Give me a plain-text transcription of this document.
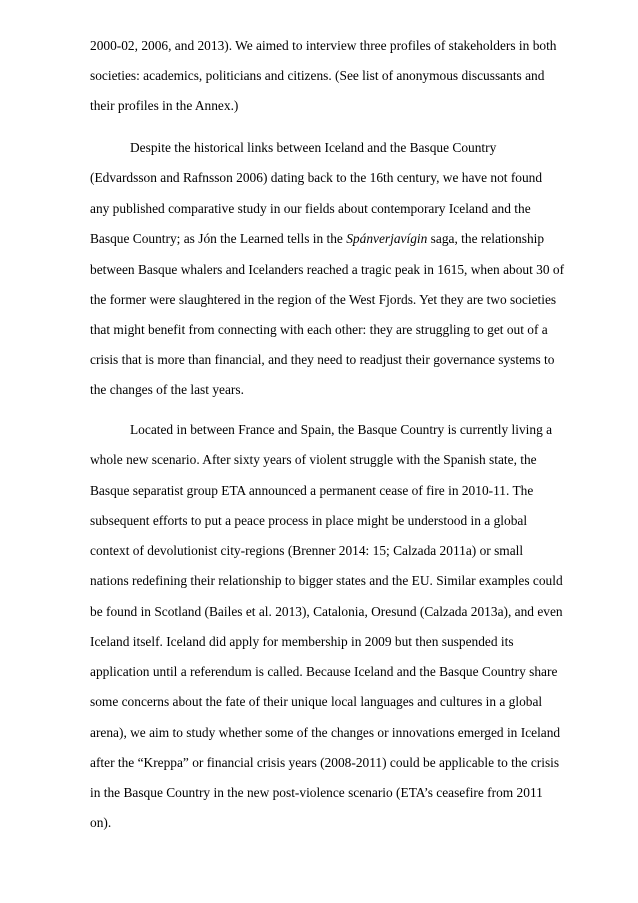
2000-02, 2006, and 2013). We aimed to interview three profiles of stakeholders in both

societies: academics, politicians and citizens. (See list of anonymous discussants and

their profiles in the Annex.)

Despite the historical links between Iceland and the Basque Country

(Edvardsson and Rafnsson 2006) dating back to the 16th century, we have not found

any published comparative study in our fields about contemporary Iceland and the

Basque Country; as Jón the Learned tells in the Spánverjavígin saga, the relationship

between Basque whalers and Icelanders reached a tragic peak in 1615, when about 30 of

the former were slaughtered in the region of the West Fjords. Yet they are two societies

that might benefit from connecting with each other: they are struggling to get out of a

crisis that is more than financial, and they need to readjust their governance systems to

the changes of the last years.

Located in between France and Spain, the Basque Country is currently living a

whole new scenario. After sixty years of violent struggle with the Spanish state, the

Basque separatist group ETA announced a permanent cease of fire in 2010-11. The

subsequent efforts to put a peace process in place might be understood in a global

context of devolutionist city-regions (Brenner 2014: 15; Calzada 2011a) or small

nations redefining their relationship to bigger states and the EU. Similar examples could

be found in Scotland (Bailes et al. 2013), Catalonia, Oresund (Calzada 2013a), and even

Iceland itself. Iceland did apply for membership in 2009 but then suspended its

application until a referendum is called. Because Iceland and the Basque Country share

some concerns about the fate of their unique local languages and cultures in a global

arena), we aim to study whether some of the changes or innovations emerged in Iceland

after the “Kreppa” or financial crisis years (2008-2011) could be applicable to the crisis

in the Basque Country in the new post-violence scenario (ETA’s ceasefire from 2011

on).
